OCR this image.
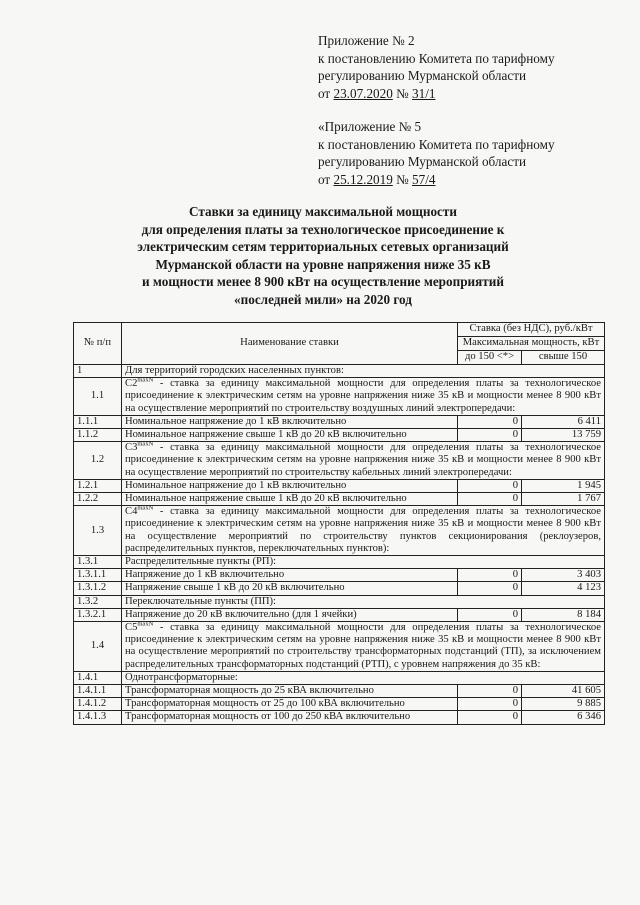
Приложение № 2
к постановлению Комитета по тарифному
регулированию Мурманской области
от 23.07.2020 № 31/1
«Приложение № 5
к постановлению Комитета по тарифному
регулированию Мурманской области
от 25.12.2019 № 57/4
Ставки за единицу максимальной мощности
для определения платы за технологическое присоединение к
электрическим сетям территориальных сетевых организаций
Мурманской области на уровне напряжения ниже 35 кВ
и мощности менее 8 900 кВт на осуществление мероприятий
«последней мили» на 2020 год
№ п/п	Наименование ставки	Ставка (без НДС), руб./кВт	
		Максимальная мощность, кВт	
		до 150 <*>	свыше 150
1	Для территорий городских населенных пунктов:		
1.1	$C2^{maxN}$ - ставка за единицу максимальной мощности для определения платы за технологическое присоединение к электрическим сетям на уровне напряжения ниже 35 кВ и мощности менее 8 900 кВт на осуществление мероприятий по строительству воздушных линий электропередачи:		
1.1.1	Номинальное напряжение до 1 кВ включительно	0	6 411
1.1.2	Номинальное напряжение свыше 1 кВ до 20 кВ включительно	0	13 759
1.2	$C3^{maxN}$ - ставка за единицу максимальной мощности для определения платы за технологическое присоединение к электрическим сетям на уровне напряжения ниже 35 кВ и мощности менее 8 900 кВт на осуществление мероприятий по строительству кабельных линий электропередачи:		
1.2.1	Номинальное напряжение до 1 кВ включительно	0	1 945
1.2.2	Номинальное напряжение свыше 1 кВ до 20 кВ включительно	0	1 767
1.3	$C4^{maxN}$ - ставка за единицу максимальной мощности для определения платы за технологическое присоединение к электрическим сетям на уровне напряжения ниже 35 кВ и мощности менее 8 900 кВт на осуществление мероприятий по строительству пунктов секционирования (реклоузеров, распределительных пунктов, переключательных пунктов):		
1.3.1	Распределительные пункты (РП):		
1.3.1.1	Напряжение до 1 кВ включительно	0	3 403
1.3.1.2	Напряжение свыше 1 кВ до 20 кВ включительно	0	4 123
1.3.2	Переключательные пункты (ПП):		
1.3.2.1	Напряжение до 20 кВ включительно (для 1 ячейки)	0	8 184
1.4	$C5^{maxN}$ - ставка за единицу максимальной мощности для определения платы за технологическое присоединение к электрическим сетям на уровне напряжения ниже 35 кВ и мощности менее 8 900 кВт на осуществление мероприятий по строительству трансформаторных подстанций (ТП), за исключением распределительных трансформаторных подстанций (РТП), с уровнем напряжения до 35 кВ:		
1.4.1	Однотрансформаторные:		
1.4.1.1	Трансформаторная мощность до 25 кВА включительно	0	41 605
1.4.1.2	Трансформаторная мощность от 25 до 100 кВА включительно	0	9 885
1.4.1.3	Трансформаторная мощность от 100 до 250 кВА включительно	0	6 346
